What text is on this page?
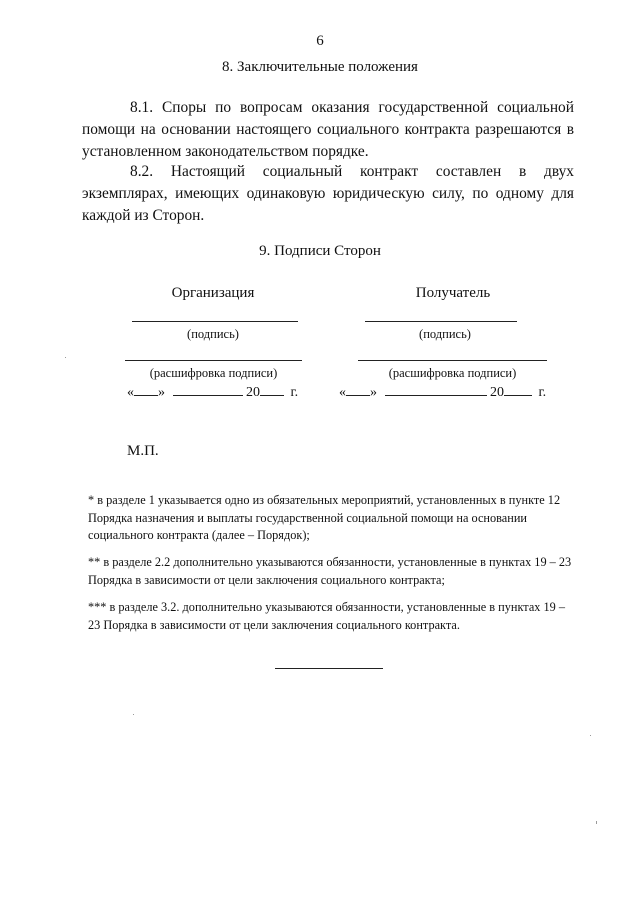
6
8. Заключительные положения
8.1. Споры по вопросам оказания государственной социальной помощи на основании настоящего социального контракта разрешаются в установленном законодательством порядке.
8.2. Настоящий социальный контракт составлен в двух экземплярах, имеющих одинаковую юридическую силу, по одному для каждой из Сторон.
9. Подписи Сторон
Организация
(подпись)
(расшифровка подписи)
« »	20 г.
Получатель
(подпись)
(расшифровка подписи)
« »	20 г.
М.П.
* в разделе 1 указывается одно из обязательных мероприятий, установленных в пункте 12 Порядка назначения и выплаты государственной социальной помощи на основании социального контракта (далее – Порядок);
** в разделе 2.2 дополнительно указываются обязанности, установленные в пунктах 19 – 23 Порядка в зависимости от цели заключения социального контракта;
*** в разделе 3.2. дополнительно указываются обязанности, установленные в пунктах 19 – 23 Порядка в зависимости от цели заключения социального контракта.
